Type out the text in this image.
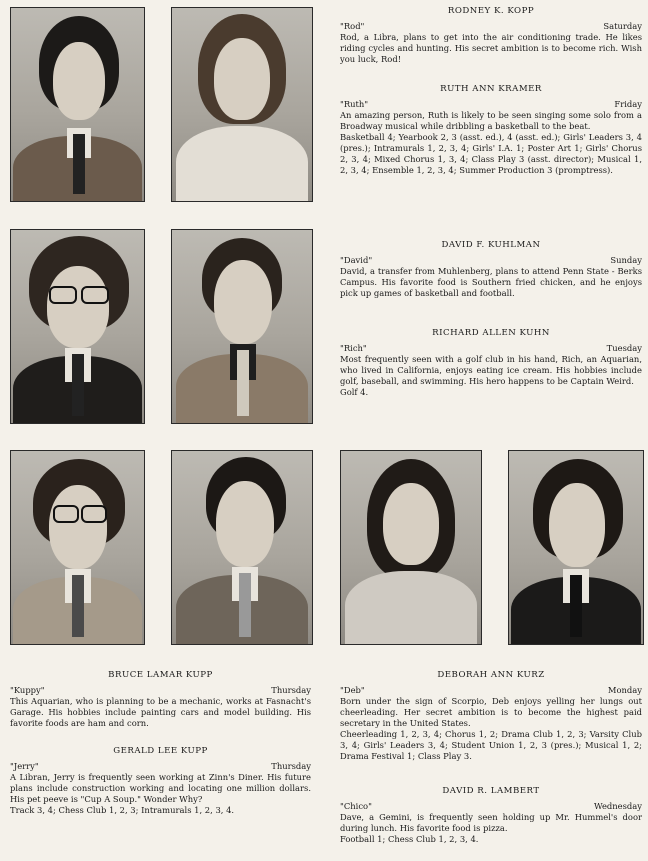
RODNEY K. KOPP
"Rod"	Saturday
Rod, a Libra, plans to get into the air conditioning trade. He likes riding cycles and hunting. His secret ambition is to become rich. Wish you luck, Rod!
RUTH ANN KRAMER
"Ruth"	Friday
An amazing person, Ruth is likely to be seen singing some solo from a Broadway musical while dribbling a basketball to the beat.
Basketball 4; Yearbook 2, 3 (asst. ed.), 4 (asst. ed.); Girls' Leaders 3, 4 (pres.); Intramurals 1, 2, 3, 4; Girls' I.A. 1; Poster Art 1; Girls' Chorus 2, 3, 4; Mixed Chorus 1, 3, 4; Class Play 3 (asst. director); Musical 1, 2, 3, 4; Ensemble 1, 2, 3, 4; Summer Production 3 (promptress).
DAVID F. KUHLMAN
"David"	Sunday
David, a transfer from Muhlenberg, plans to attend Penn State - Berks Campus. His favorite food is Southern fried chicken, and he enjoys pick up games of basketball and football.
RICHARD ALLEN KUHN
"Rich"	Tuesday
Most frequently seen with a golf club in his hand, Rich, an Aquarian, who lived in California, enjoys eating ice cream. His hobbies include golf, baseball, and swimming. His hero happens to be Captain Weird.
Golf 4.
BRUCE LAMAR KUPP
"Kuppy"	Thursday
This Aquarian, who is planning to be a mechanic, works at Fasnacht's Garage. His hobbies include painting cars and model building. His favorite foods are ham and corn.
GERALD LEE KUPP
"Jerry"	Thursday
A Libran, Jerry is frequently seen working at Zinn's Diner. His future plans include construction working and locating one million dollars. His pet peeve is "Cup A Soup." Wonder Why?
Track 3, 4; Chess Club 1, 2, 3; Intramurals 1, 2, 3, 4.
DEBORAH ANN KURZ
"Deb"	Monday
Born under the sign of Scorpio, Deb enjoys yelling her lungs out cheerleading. Her secret ambition is to become the highest paid secretary in the United States.
Cheerleading 1, 2, 3, 4; Chorus 1, 2; Drama Club 1, 2, 3; Varsity Club 3, 4; Girls' Leaders 3, 4; Student Union 1, 2, 3 (pres.); Musical 1, 2; Drama Festival 1; Class Play 3.
DAVID R. LAMBERT
"Chico"	Wednesday
Dave, a Gemini, is frequently seen holding up Mr. Hummel's door during lunch. His favorite food is pizza.
Football 1; Chess Club 1, 2, 3, 4.
